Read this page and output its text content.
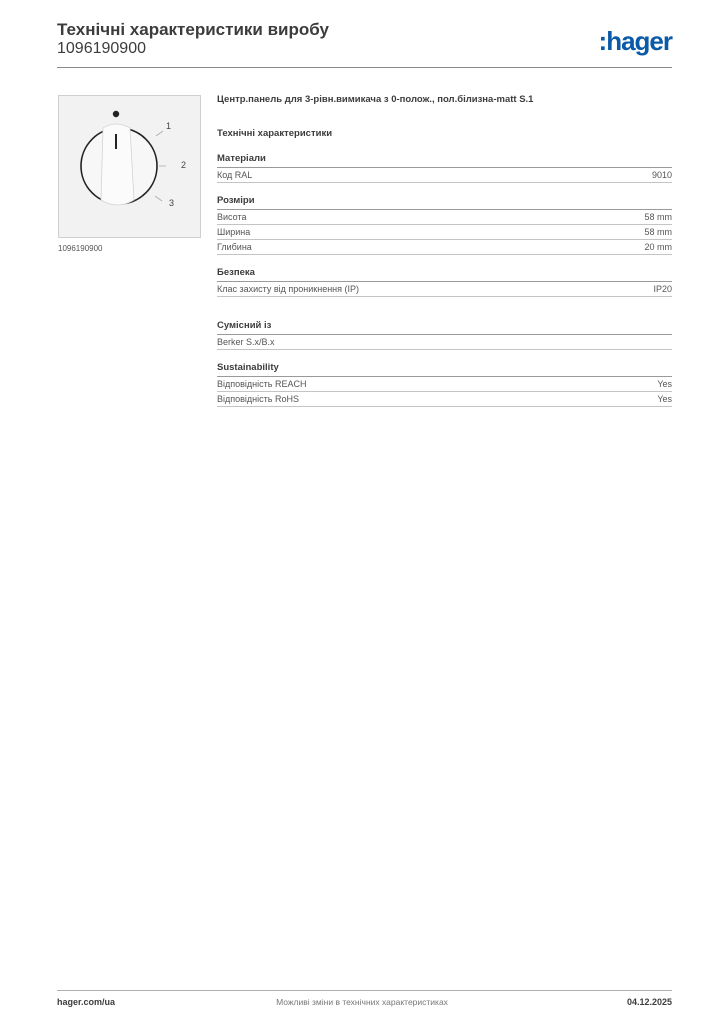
Технічні характеристики виробу
1096190900	:hager
1
2
3
1096190900

Центр.панель для 3-рівн.вимикача з 0-полож., пол.білизна-matt S.1

Технічні характеристики

Матеріали
Код RAL	9010
Розміри
Висота	58 mm
Ширина	58 mm
Глибина	20 mm
Безпека
Клас захисту від проникнення (IP)	IP20
Сумісний із
Berker S.x/B.x
Sustainability
Відповідність REACH	Yes
Відповідність RoHS	Yes
hager.com/ua	Можливі зміни в технічних характеристиках	04.12.2025
